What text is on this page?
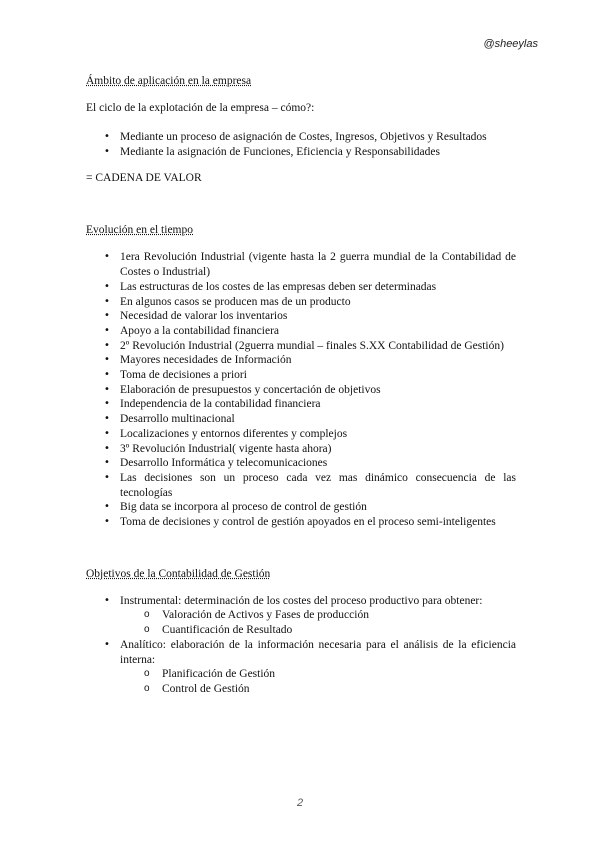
@sheeylas

Ámbito de aplicación en la empresa

El ciclo de la explotación de la empresa – cómo?:

• Mediante un proceso de asignación de Costes, Ingresos, Objetivos y Resultados
• Mediante la asignación de Funciones, Eficiencia y Responsabilidades

= CADENA DE VALOR

Evolución en el tiempo

• 1era Revolución Industrial (vigente hasta la 2 guerra mundial de la Contabilidad de Costes o Industrial)
• Las estructuras de los costes de las empresas deben ser determinadas
• En algunos casos se producen mas de un producto
• Necesidad de valorar los inventarios
• Apoyo a la contabilidad financiera
• 2º Revolución Industrial (2guerra mundial – finales S.XX Contabilidad de Gestión)
• Mayores necesidades de Información
• Toma de decisiones a priori
• Elaboración de presupuestos y concertación de objetivos
• Independencia de la contabilidad financiera
• Desarrollo multinacional
• Localizaciones y entornos diferentes y complejos
• 3º Revolución Industrial( vigente hasta ahora)
• Desarrollo Informática y telecomunicaciones
• Las decisiones son un proceso cada vez mas dinámico consecuencia de las tecnologías
• Big data se incorpora al proceso de control de gestión
• Toma de decisiones y control de gestión apoyados en el proceso semi-inteligentes

Objetivos de la Contabilidad de Gestión

• Instrumental: determinación de los costes del proceso productivo para obtener:
o Valoración de Activos y Fases de producción
o Cuantificación de Resultado
• Analítico: elaboración de la información necesaria para el análisis de la eficiencia interna:
o Planificación de Gestión
o Control de Gestión
2
